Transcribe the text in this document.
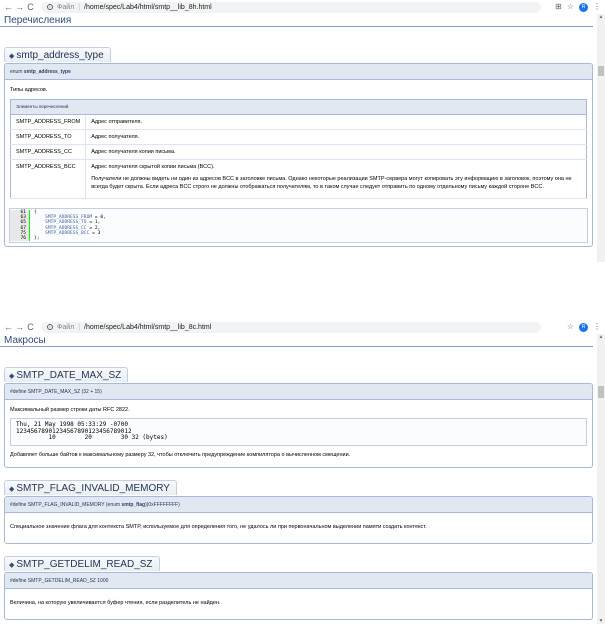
← → C	i Файл | /home/spec/Lab4/html/smtp__lib_8h.html	⊞ ☆	R ⋮
Перечисления
◆ smtp_address_type
enum smtp_address_type

Типы адресов.

Элементы перечислений	
SMTP_ADDRESS_FROM	Адрес отправителя.
SMTP_ADDRESS_TO	Адрес получателя.
SMTP_ADDRESS_CC	Адрес получателя копии письма.
SMTP_ADDRESS_BCC	Адрес получателя скрытой копии письма (BCC).

Получатели не должны видеть ни один из адресов BCC в заголовке письма. Однако некоторые реализации SMTP-сервера могут копировать эту информацию в заголовок, поэтому она не всегда будет скрыта. Если адреса BCC строго не должны отображаться получателям, то в таком случае следует отправить по одному отдельному письму каждой стороне BCC.

61	{
63	SMTP_ADDRESS_FROM = 0,
65	SMTP_ADDRESS_TO = 1,
67	SMTP_ADDRESS_CC = 2,
75	SMTP_ADDRESS_BCC = 3
76	};
▲
← → C	i Файл | /home/spec/Lab4/html/smtp__lib_8c.html	☆	R ⋮
Макросы
◆ SMTP_DATE_MAX_SZ
#define SMTP_DATE_MAX_SZ (32 + 15)

Максимальный размер строки даты RFC 2822.

Thu, 21 May 1998 05:33:29 -0700
12345678901234567890123456789012
10        20        30 32 (bytes)

Добавляет больше байтов к максимальному размеру 32, чтобы отключить предупреждение компилятора о вычисленном смещении.

◆ SMTP_FLAG_INVALID_MEMORY
#define SMTP_FLAG_INVALID_MEMORY (enum smtp_flag)(0xFFFFFFFF)

Специальное значение флага для контекста SMTP, используемое для определения того, не удалось ли при первоначальном выделении памяти создать контекст.

◆ SMTP_GETDELIM_READ_SZ
#define SMTP_GETDELIM_READ_SZ 1000

Величина, на которую увеличивается буфер чтения, если разделитель не найден.

▲
▼
